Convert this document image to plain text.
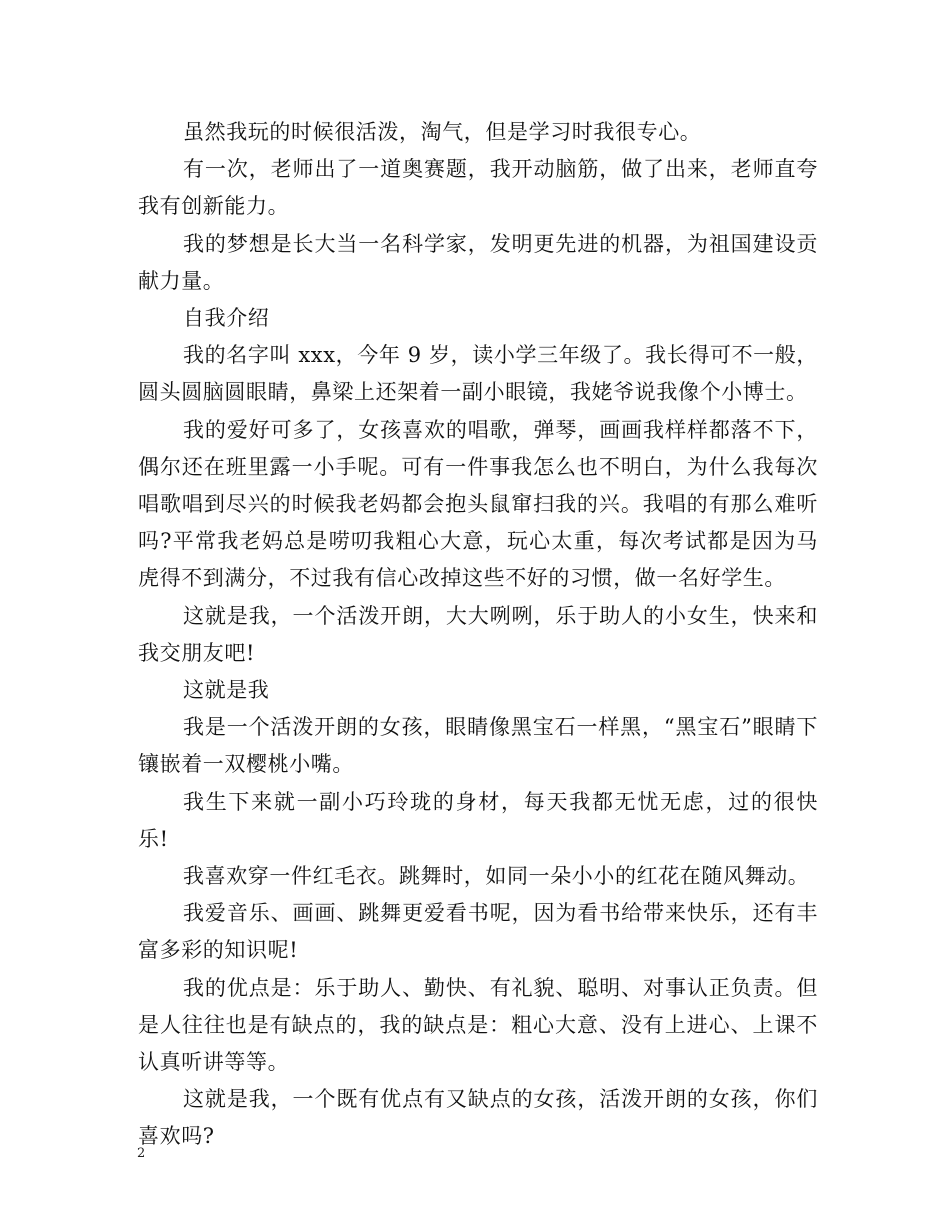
虽然我玩的时候很活泼，淘气，但是学习时我很专心。

有一次，老师出了一道奥赛题，我开动脑筋，做了出来，老师直夸我有创新能力。

我的梦想是长大当一名科学家，发明更先进的机器，为祖国建设贡献力量。

自我介绍

我的名字叫 xxx，今年 9 岁，读小学三年级了。我长得可不一般，圆头圆脑圆眼睛，鼻梁上还架着一副小眼镜，我姥爷说我像个小博士。

我的爱好可多了，女孩喜欢的唱歌，弹琴，画画我样样都落不下，偶尔还在班里露一小手呢。可有一件事我怎么也不明白，为什么我每次唱歌唱到尽兴的时候我老妈都会抱头鼠窜扫我的兴。我唱的有那么难听吗?平常我老妈总是唠叨我粗心大意，玩心太重，每次考试都是因为马虎得不到满分，不过我有信心改掉这些不好的习惯，做一名好学生。

这就是我，一个活泼开朗，大大咧咧，乐于助人的小女生，快来和我交朋友吧!

这就是我

我是一个活泼开朗的女孩，眼睛像黑宝石一样黑，“黑宝石”眼睛下镶嵌着一双樱桃小嘴。

我生下来就一副小巧玲珑的身材，每天我都无忧无虑，过的很快乐!

我喜欢穿一件红毛衣。跳舞时，如同一朵小小的红花在随风舞动。

我爱音乐、画画、跳舞更爱看书呢，因为看书给带来快乐，还有丰富多彩的知识呢!

我的优点是：乐于助人、勤快、有礼貌、聪明、对事认正负责。但是人往往也是有缺点的，我的缺点是：粗心大意、没有上进心、上课不认真听讲等等。

这就是我，一个既有优点有又缺点的女孩，活泼开朗的女孩，你们喜欢吗?

2
